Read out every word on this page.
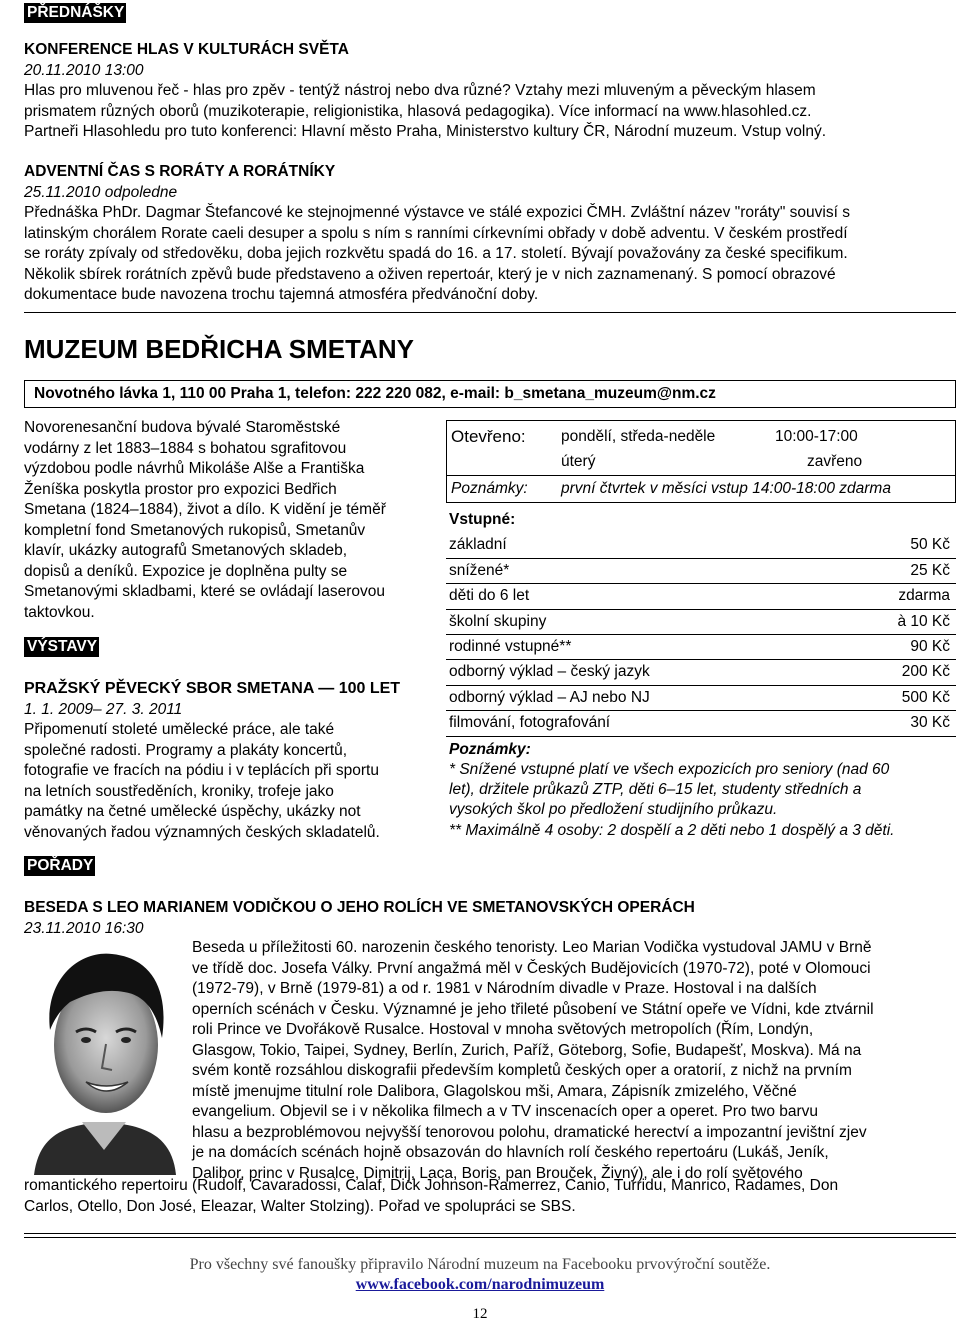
PŘEDNÁŠKY

KONFERENCE HLAS V KULTURÁCH SVĚTA

20.11.2010 13:00

Hlas pro mluvenou řeč - hlas pro zpěv - tentýž nástroj nebo dva různé? Vztahy mezi mluveným a pěveckým hlasem

prismatem různých oborů (muzikoterapie, religionistika, hlasová pedagogika). Více informací na www.hlasohled.cz.

Partneři Hlasohledu pro tuto konferenci: Hlavní město Praha, Ministerstvo kultury ČR, Národní muzeum. Vstup volný.

ADVENTNÍ ČAS S RORÁTY A RORÁTNÍKY

25.11.2010 odpoledne

Přednáška PhDr. Dagmar Štefancové ke stejnojmenné výstavce ve stálé expozici ČMH. Zvláštní název "roráty" souvisí s

latinským chorálem Rorate caeli desuper a spolu s ním s ranními církevními obřady v době adventu. V českém prostředí

se roráty zpívaly od středověku, doba jejich rozkvětu spadá do 16. a 17. století. Bývají považovány za české specifikum.

Několik sbírek rorátních zpěvů bude představeno a oživen repertoár, který je v nich zaznamenaný. S pomocí obrazové

dokumentace bude navozena trochu tajemná atmosféra předvánoční doby.

MUZEUM BEDŘICHA SMETANY
Novotného lávka 1, 110 00 Praha 1, telefon: 222 220 082, e-mail: b_smetana_muzeum@nm.cz

Novorenesanční budova bývalé Staroměstské

vodárny z let 1883–1884 s bohatou sgrafitovou

výzdobou podle návrhů Mikoláše Alše a Františka

Ženíška poskytla prostor pro expozici Bedřich

Smetana (1824–1884), život a dílo. K vidění je téměř

kompletní fond Smetanových rukopisů, Smetanův

klavír, ukázky autografů Smetanových skladeb,

dopisů a deníků. Expozice je doplněna pulty se

Smetanovými skladbami, které se ovládají laserovou

taktovkou.

Otevřeno: pondělí, středa-neděle	10:00-17:00
úterý	zavřeno
Poznámky: první čtvrtek v měsíci vstup 14:00-18:00 zdarma
Vstupné:
základní	50 Kč
snížené*	25 Kč
děti do 6 let	zdarma
školní skupiny	à 10 Kč
rodinné vstupné**	90 Kč
odborný výklad – český jazyk	200 Kč
odborný výklad – AJ nebo NJ	500 Kč
filmování, fotografování	30 Kč

Poznámky:

* Snížené vstupné platí ve všech expozicích pro seniory (nad 60

let), držitele průkazů ZTP, děti 6–15 let, studenty středních a

vysokých škol po předložení studijního průkazu.

** Maximálně 4 osoby: 2 dospělí a 2 děti nebo 1 dospělý a 3 děti.

VÝSTAVY

PRAŽSKÝ PĚVECKÝ SBOR SMETANA — 100 LET

1. 1. 2009– 27. 3. 2011

Připomenutí stoleté umělecké práce, ale také

společné radosti. Programy a plakáty koncertů,

fotografie ve fracích na pódiu i v teplácích při sportu

na letních soustředěních, kroniky, trofeje jako

památky na četné umělecké úspěchy, ukázky not

věnovaných řadou významných českých skladatelů.

POŘADY

BESEDA S LEO MARIANEM VODIČKOU O JEHO ROLÍCH VE SMETANOVSKÝCH OPERÁCH

23.11.2010 16:30

Beseda u příležitosti 60. narozenin českého tenoristy. Leo Marian Vodička vystudoval JAMU v Brně

ve třídě doc. Josefa Války. První angažmá měl v Českých Budějovicích (1970-72), poté v Olomouci

(1972-79), v Brně (1979-81) a od r. 1981 v Národním divadle v Praze. Hostoval i na dalších

operních scénách v Česku. Významné je jeho třileté působení ve Státní opeře ve Vídni, kde ztvárnil

roli Prince ve Dvořákově Rusalce. Hostoval v mnoha světových metropolích (Řím, Londýn,

Glasgow, Tokio, Taipei, Sydney, Berlín, Zurich, Paříž, Göteborg, Sofie, Budapešť, Moskva). Má na

svém kontě rozsáhlou diskografii především kompletů českých oper a oratorií, z nichž na prvním

místě jmenujme titulní role Dalibora, Glagolskou mši, Amara, Zápisník zmizelého, Věčné

evangelium. Objevil se i v několika filmech a v TV inscenacích oper a operet. Pro two barvu

hlasu a bezproblémovou nejvyšší tenorovou polohu, dramatické herectví a impozantní jevištní zjev

je na domácích scénách hojně obsazován do hlavních rolí českého repertoáru (Lukáš, Jeník,

Dalibor, princ v Rusalce, Dimitrij, Laca, Boris, pan Brouček, Živný), ale i do rolí světového

romantického repertoiru (Rudolf, Cavaradossi, Calaf, Dick Johnson-Ramerrez, Canio, Turridu, Manrico, Radames, Don

Carlos, Otello, Don José, Eleazar, Walter Stolzing). Pořad ve spolupráci se SBS.

Pro všechny své fanoušky připravilo Národní muzeum na Facebooku prvovýroční soutěže.

www.facebook.com/narodnimuzeum

12
